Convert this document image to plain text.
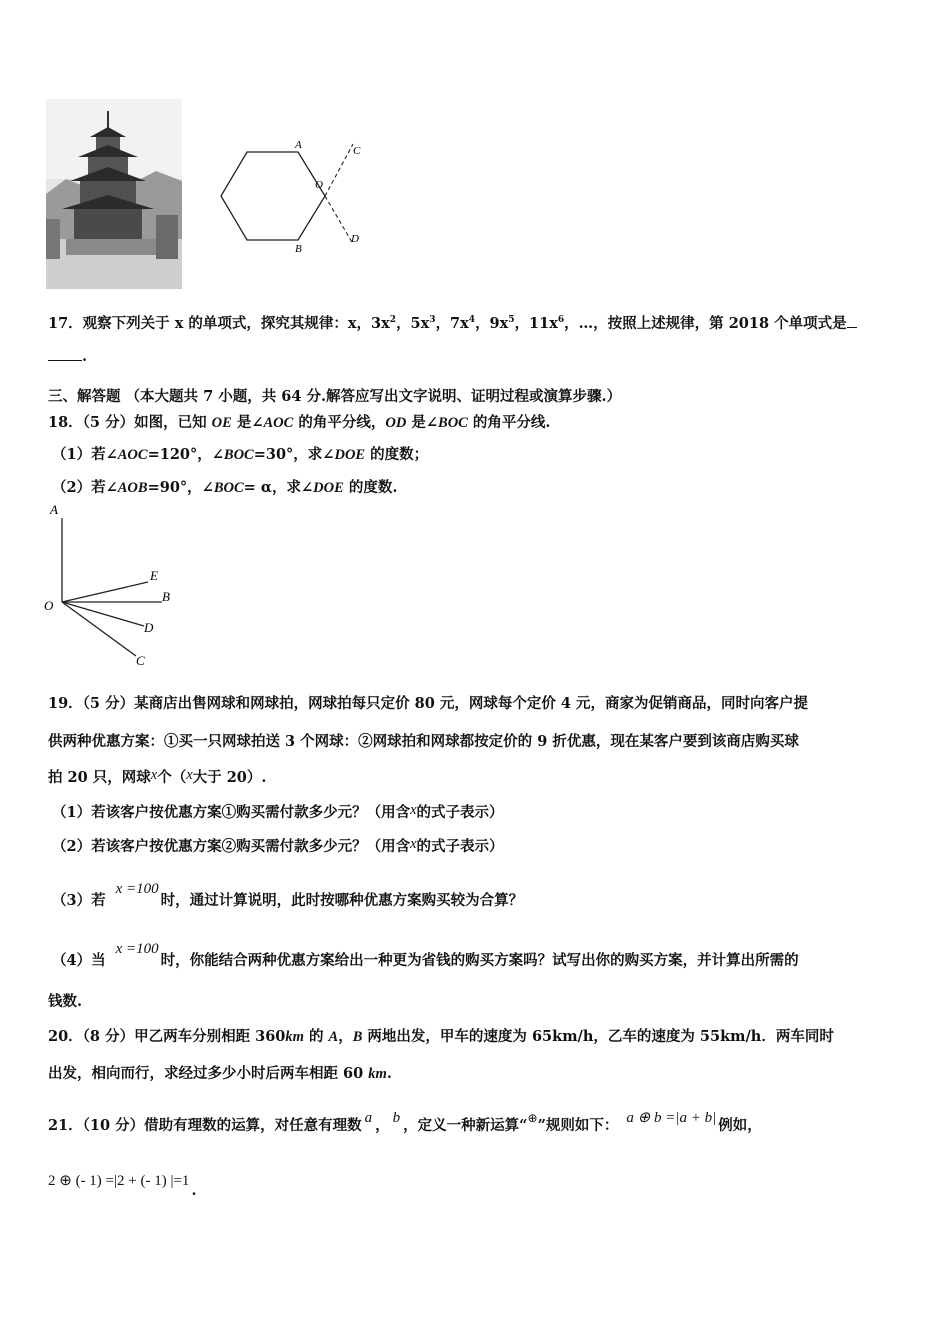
A
B
C
D
O
17．观察下列关于 x 的单项式，探究其规律：x，$3x^2$，$5x^3$，$7x^4$，$9x^5$，$11x^6$，…，按照上述规律，第 2018 个单项式是
.
三、解答题 （本大题共 7 小题，共 64 分.解答应写出文字说明、证明过程或演算步骤.）
18．（5 分）如图，已知 OE 是∠AOC 的角平分线，OD 是∠BOC 的角平分线.
（1）若∠AOC=120°，∠BOC=30°，求∠DOE 的度数；
（2）若∠AOB=90°，∠BOC= α，求∠DOE 的度数.
A
E
B
D
C
O
19．（5 分）某商店出售网球和网球拍，网球拍每只定价 80 元，网球每个定价 4 元，商家为促销商品，同时向客户提
供两种优惠方案：①买一只网球拍送 3 个网球：②网球拍和网球都按定价的 9 折优惠，现在某客户要到该商店购买球
拍 20 只，网球x个（x大于 20）.
（1）若该客户按优惠方案①购买需付款多少元？（用含x的式子表示）
（2）若该客户按优惠方案②购买需付款多少元？（用含x的式子表示）
（3）若x =100时，通过计算说明，此时按哪种优惠方案购买较为合算？
（4）当x =100时，你能结合两种优惠方案给出一种更为省钱的购买方案吗？试写出你的购买方案，并计算出所需的
钱数.
20．（8 分）甲乙两车分别相距 360km 的 A，B 两地出发，甲车的速度为 65km/h，乙车的速度为 55km/h．两车同时
出发，相向而行，求经过多少小时后两车相距 60 km.
21．（10 分）借助有理数的运算，对任意有理数 a ， b ，定义一种新运算“⊕”规则如下： a ⊕ b =|a + b| 例如，
2 ⊕ (- 1) =|2 + (- 1) |=1.
